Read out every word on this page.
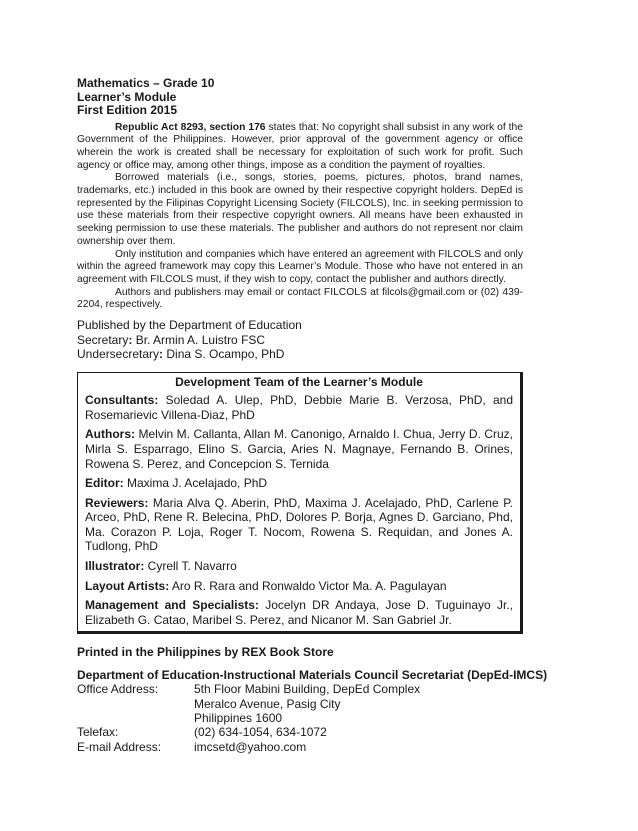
Mathematics – Grade 10
Learner’s Module
First Edition 2015

Republic Act 8293, section 176 states that: No copyright shall subsist in any work of the Government of the Philippines. However, prior approval of the government agency or office wherein the work is created shall be necessary for exploitation of such work for profit. Such agency or office may, among other things, impose as a condition the payment of royalties.

Borrowed materials (i.e., songs, stories, poems, pictures, photos, brand names, trademarks, etc.) included in this book are owned by their respective copyright holders. DepEd is represented by the Filipinas Copyright Licensing Society (FILCOLS), Inc. in seeking permission to use these materials from their respective copyright owners. All means have been exhausted in seeking permission to use these materials. The publisher and authors do not represent nor claim ownership over them.

Only institution and companies which have entered an agreement with FILCOLS and only within the agreed framework may copy this Learner’s Module. Those who have not entered in an agreement with FILCOLS must, if they wish to copy, contact the publisher and authors directly.

Authors and publishers may email or contact FILCOLS at filcols@gmail.com or (02) 439-2204, respectively.

Published by the Department of Education
Secretary: Br. Armin A. Luistro FSC
Undersecretary: Dina S. Ocampo, PhD
Development Team of the Learner’s Module
Consultants: Soledad A. Ulep, PhD, Debbie Marie B. Verzosa, PhD, and Rosemarievic Villena-Diaz, PhD
Authors: Melvin M. Callanta, Allan M. Canonigo, Arnaldo I. Chua, Jerry D. Cruz, Mirla S. Esparrago, Elino S. Garcia, Aries N. Magnaye, Fernando B. Orines, Rowena S. Perez, and Concepcion S. Ternida
Editor: Maxima J. Acelajado, PhD
Reviewers: Maria Alva Q. Aberin, PhD, Maxima J. Acelajado, PhD, Carlene P. Arceo, PhD, Rene R. Belecina, PhD, Dolores P. Borja, Agnes D. Garciano, Phd, Ma. Corazon P. Loja, Roger T. Nocom, Rowena S. Requidan, and Jones A. Tudlong, PhD
Illustrator: Cyrell T. Navarro
Layout Artists: Aro R. Rara and Ronwaldo Victor Ma. A. Pagulayan
Management and Specialists: Jocelyn DR Andaya, Jose D. Tuguinayo Jr., Elizabeth G. Catao, Maribel S. Perez, and Nicanor M. San Gabriel Jr.
Printed in the Philippines by REX Book Store
Department of Education-Instructional Materials Council Secretariat (DepEd-IMCS)
Office Address:	5th Floor Mabini Building, DepEd Complex
Meralco Avenue, Pasig City
Philippines 1600
Telefax:	(02) 634-1054, 634-1072
E-mail Address:	imcsetd@yahoo.com
